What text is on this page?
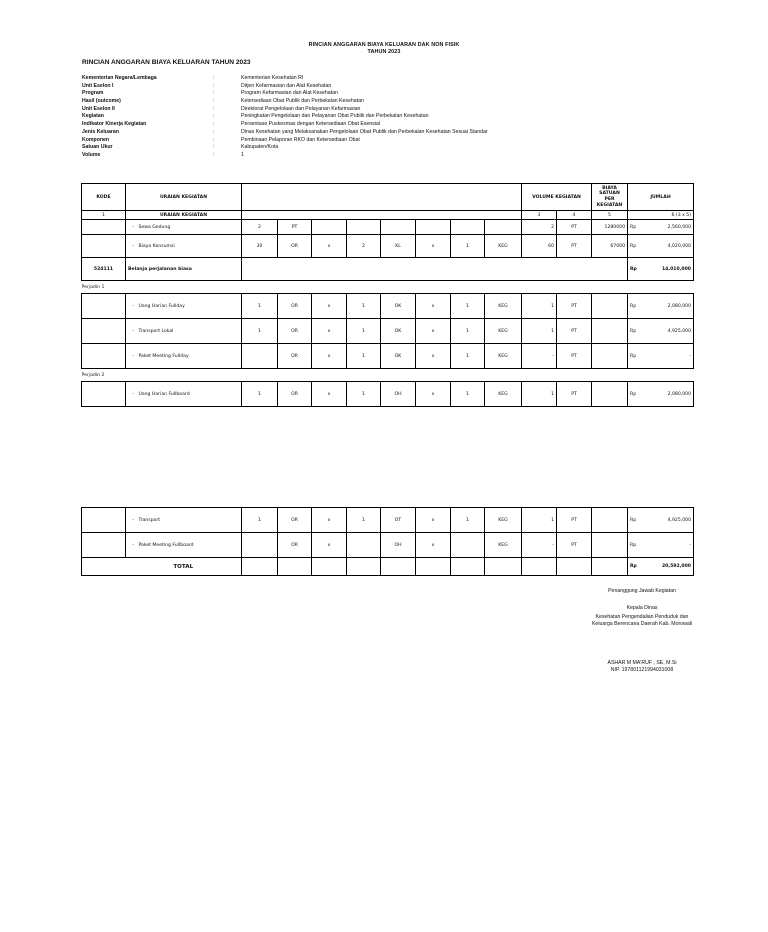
RINCIAN ANGGARAN BIAYA KELUARAN DAK NON FISIK
TAHUN 2023
RINCIAN ANGGARAN BIAYA KELUARAN TAHUN 2023
Kementerian Negara/Lembaga	:	Kementerian Kesehatan RI
Unit Eselon I	:	Ditjen Kefarmasian dan Alat Kesehatan
Program	:	Program Kefarmasian dan Alat Kesehatan
Hasil (outcome)	:	Ketersediaan Obat Publik dan Perbekalan Kesehatan
Unit Eselon II	:	Direktorat Pengelolaan dan Pelayanan Kefarmasian
Kegiatan	:	Peningkatan Pengelolaan dan Pelayanan Obat Publik dan Perbekalan Kesehatan
Indikator Kinerja Kegiatan	:	Persentase Puskesmas dengan Ketersediaan Obat Esensial
Jenis Keluaran	:	Dinas Kesehatan yang Melaksanakan Pengelolaan Obat Publik dan Perbekalan Kesehatan Sesuai Standar
Komponen	:	Pembinaan Pelaporan RKO dan Ketersediaan Obat
Satuan Ukur	:	Kabupaten/Kota
Volume	:	1
KODE	URAIAN KEGIATAN									VOLUME KEGIATAN		BIAYA SATUAN PER KEGIATAN	JUMLAH	
1	URAIAN KEGIATAN									3	4	5	6 (3 x 5)	
	- Sewa Gedung	2	PT							2	PT	1280000	Rp	2,560,000
	- Biaya Konsumsi	30	OR	x	2	KL	x	1	KEG	60	PT	67000	Rp	4,020,000
524111	Belanja perjalanan biasa												Rp	14,010,000
Perjadin 1														
	- Uang Harian Fullday	1	OR	x	1	OK	x	1	KEG	1	PT		Rp	2,080,000
	- Transport Lokal	1	OR	x	1	OK	x	1	KEG	1	PT		Rp	4,925,000
	- Paket Meeting Fullday		OR	x	1	OK	x	1	KEG	-	PT		Rp	-
Perjadin 2														
	- Uang Harian Fullboard	1	OR	x	1	OH	x	1	KEG	1	PT		Rp	2,080,000
	- Transport	1	OR	x	1	OT	x	1	KEG	1	PT		Rp	4,925,000
	- Paket Meeting Fullboard		OR	x		OH	x		KEG	-	PT		Rp	-
	TOTAL												Rp	20,592,000
Penanggung Jawab Kegiatan
Kepala Dinas
Kesehatan Pengendalian Penduduk dan Keluarga Berencana Daerah Kab. Morowali
ASHAR M MA'RUF , SE, M.Si
NIP. 197801121994031008
